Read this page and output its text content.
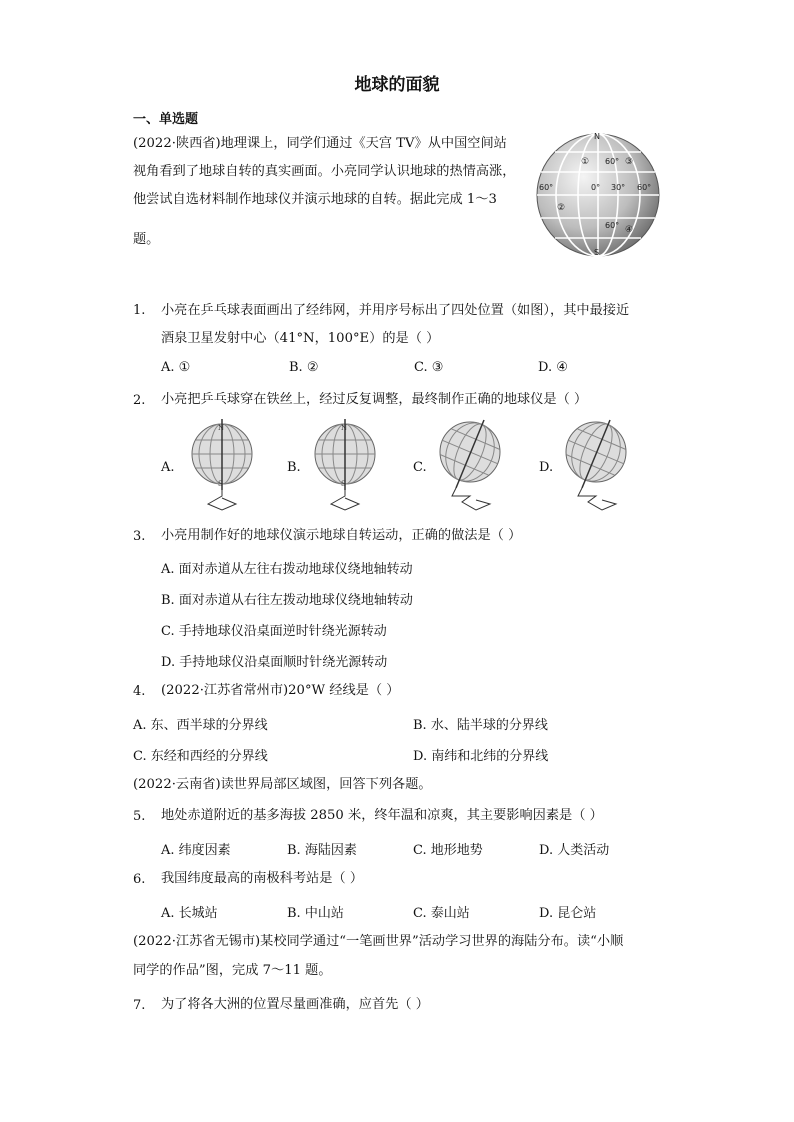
地球的面貌
一、单选题
(2022·陕西省)地理课上，同学们通过《天宫 TV》从中国空间站
视角看到了地球自转的真实画面。小亮同学认识地球的热情高涨，
他尝试自选材料制作地球仪并演示地球的自转。据此完成 1～3
题。
N
S
①	③
②
④
60°
60°	0° 30° 60°
60°
1. 小亮在乒乓球表面画出了经纬网，并用序号标出了四处位置（如图），其中最接近
酒泉卫星发射中心（41°N，100°E）的是（ ）
A. ①	B. ②	C. ③	D. ④
2. 小亮把乒乓球穿在铁丝上，经过反复调整，最终制作正确的地球仪是（ ）
A.	B.	C.	D.
N
S
N
S
3. 小亮用制作好的地球仪演示地球自转运动，正确的做法是（ ）
A. 面对赤道从左往右拨动地球仪绕地轴转动
B. 面对赤道从右往左拨动地球仪绕地轴转动
C. 手持地球仪沿桌面逆时针绕光源转动
D. 手持地球仪沿桌面顺时针绕光源转动
4. (2022·江苏省常州市)20°W 经线是（ ）
A. 东、西半球的分界线	B. 水、陆半球的分界线
C. 东经和西经的分界线	D. 南纬和北纬的分界线
(2022·云南省)读世界局部区域图，回答下列各题。
5. 地处赤道附近的基多海拔 2850 米，终年温和凉爽，其主要影响因素是（ ）
A. 纬度因素	B. 海陆因素	C. 地形地势	D. 人类活动
6. 我国纬度最高的南极科考站是（ ）
A. 长城站	B. 中山站	C. 泰山站	D. 昆仑站
(2022·江苏省无锡市)某校同学通过“一笔画世界”活动学习世界的海陆分布。读“小顺
同学的作品”图，完成 7～11 题。
7. 为了将各大洲的位置尽量画准确，应首先（ ）
